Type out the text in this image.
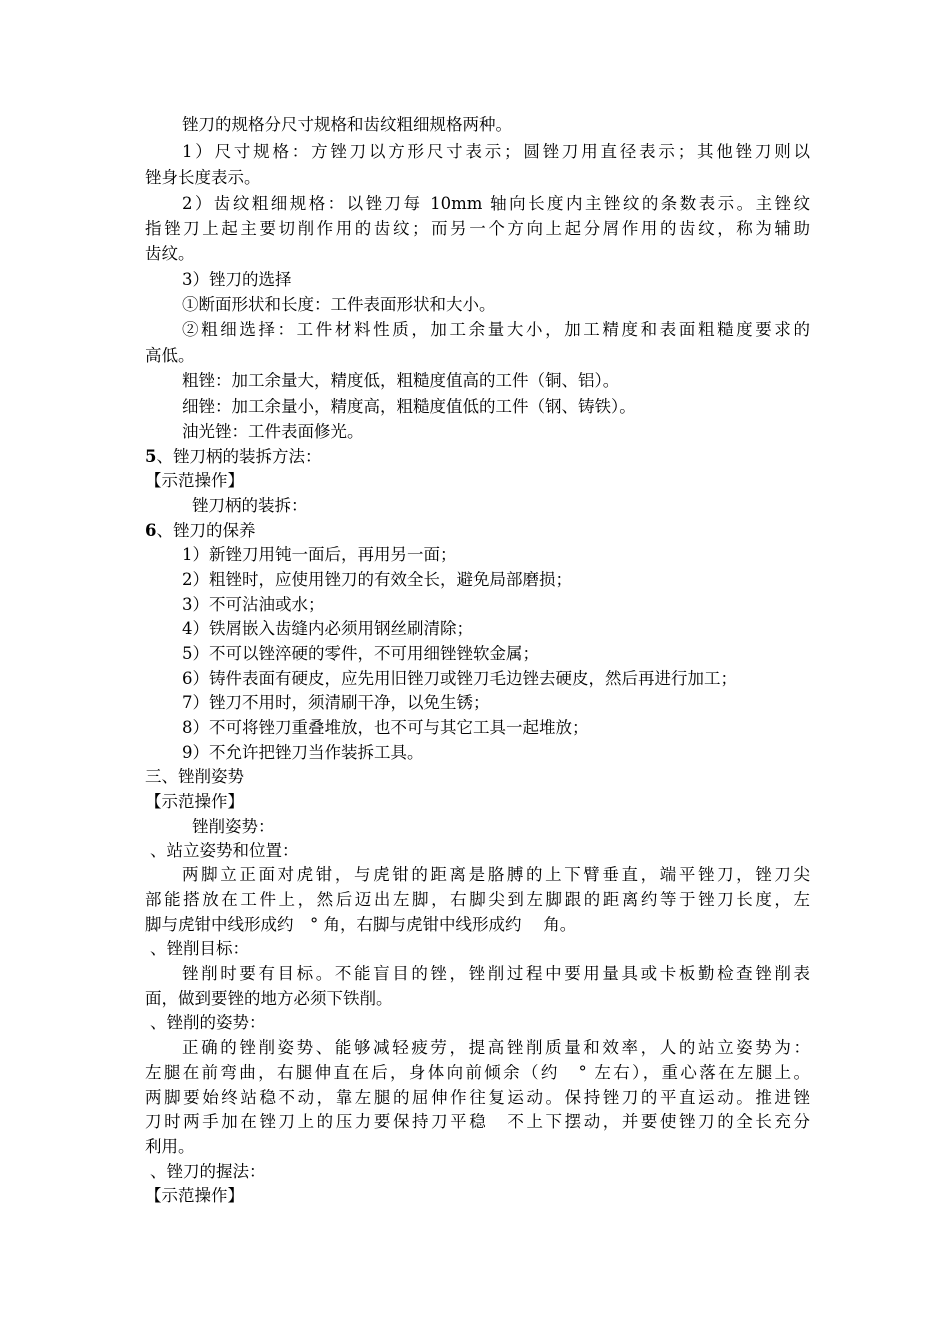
锉刀的规格分尺寸规格和齿纹粗细规格两种。
1）尺寸规格：方锉刀以方形尺寸表示；圆锉刀用直径表示；其他锉刀则以
锉身长度表示。
2）齿纹粗细规格：以锉刀每 10mm 轴向长度内主锉纹的条数表示。主锉纹
指锉刀上起主要切削作用的齿纹；而另一个方向上起分屑作用的齿纹，称为辅助
齿纹。
3）锉刀的选择
①断面形状和长度：工件表面形状和大小。
②粗细选择：工件材料性质，加工余量大小，加工精度和表面粗糙度要求的
高低。
粗锉：加工余量大，精度低，粗糙度值高的工件（铜、铝）。
细锉：加工余量小，精度高，粗糙度值低的工件（钢、铸铁）。
油光锉：工件表面修光。
5、锉刀柄的装拆方法：
【示范操作】
锉刀柄的装拆：
6、锉刀的保养
1）新锉刀用钝一面后，再用另一面；
2）粗锉时，应使用锉刀的有效全长，避免局部磨损；
3）不可沾油或水；
4）铁屑嵌入齿缝内必须用钢丝刷清除；
5）不可以锉淬硬的零件，不可用细锉锉软金属；
6）铸件表面有硬皮，应先用旧锉刀或锉刀毛边锉去硬皮，然后再进行加工；
7）锉刀不用时，须清刷干净，以免生锈；
8）不可将锉刀重叠堆放，也不可与其它工具一起堆放；
9）不允许把锉刀当作装拆工具。
三、锉削姿势
【示范操作】
锉削姿势：
、站立姿势和位置：
两脚立正面对虎钳，与虎钳的距离是胳膊的上下臂垂直，端平锉刀，锉刀尖
部能搭放在工件上，然后迈出左脚，右脚尖到左脚跟的距离约等于锉刀长度，左
脚与虎钳中线形成约　° 角，右脚与虎钳中线形成约　 角。
、锉削目标：
锉削时要有目标。不能盲目的锉，锉削过程中要用量具或卡板勤检查锉削表
面，做到要锉的地方必须下铁削。
、锉削的姿势：
正确的锉削姿势、能够减轻疲劳，提高锉削质量和效率，人的站立姿势为：
左腿在前弯曲，右腿伸直在后，身体向前倾余（约　° 左右），重心落在左腿上。
两脚要始终站稳不动，靠左腿的屈伸作往复运动。保持锉刀的平直运动。推进锉
刀时两手加在锉刀上的压力要保持刀平稳　不上下摆动，并要使锉刀的全长充分
利用。
、锉刀的握法：
【示范操作】
